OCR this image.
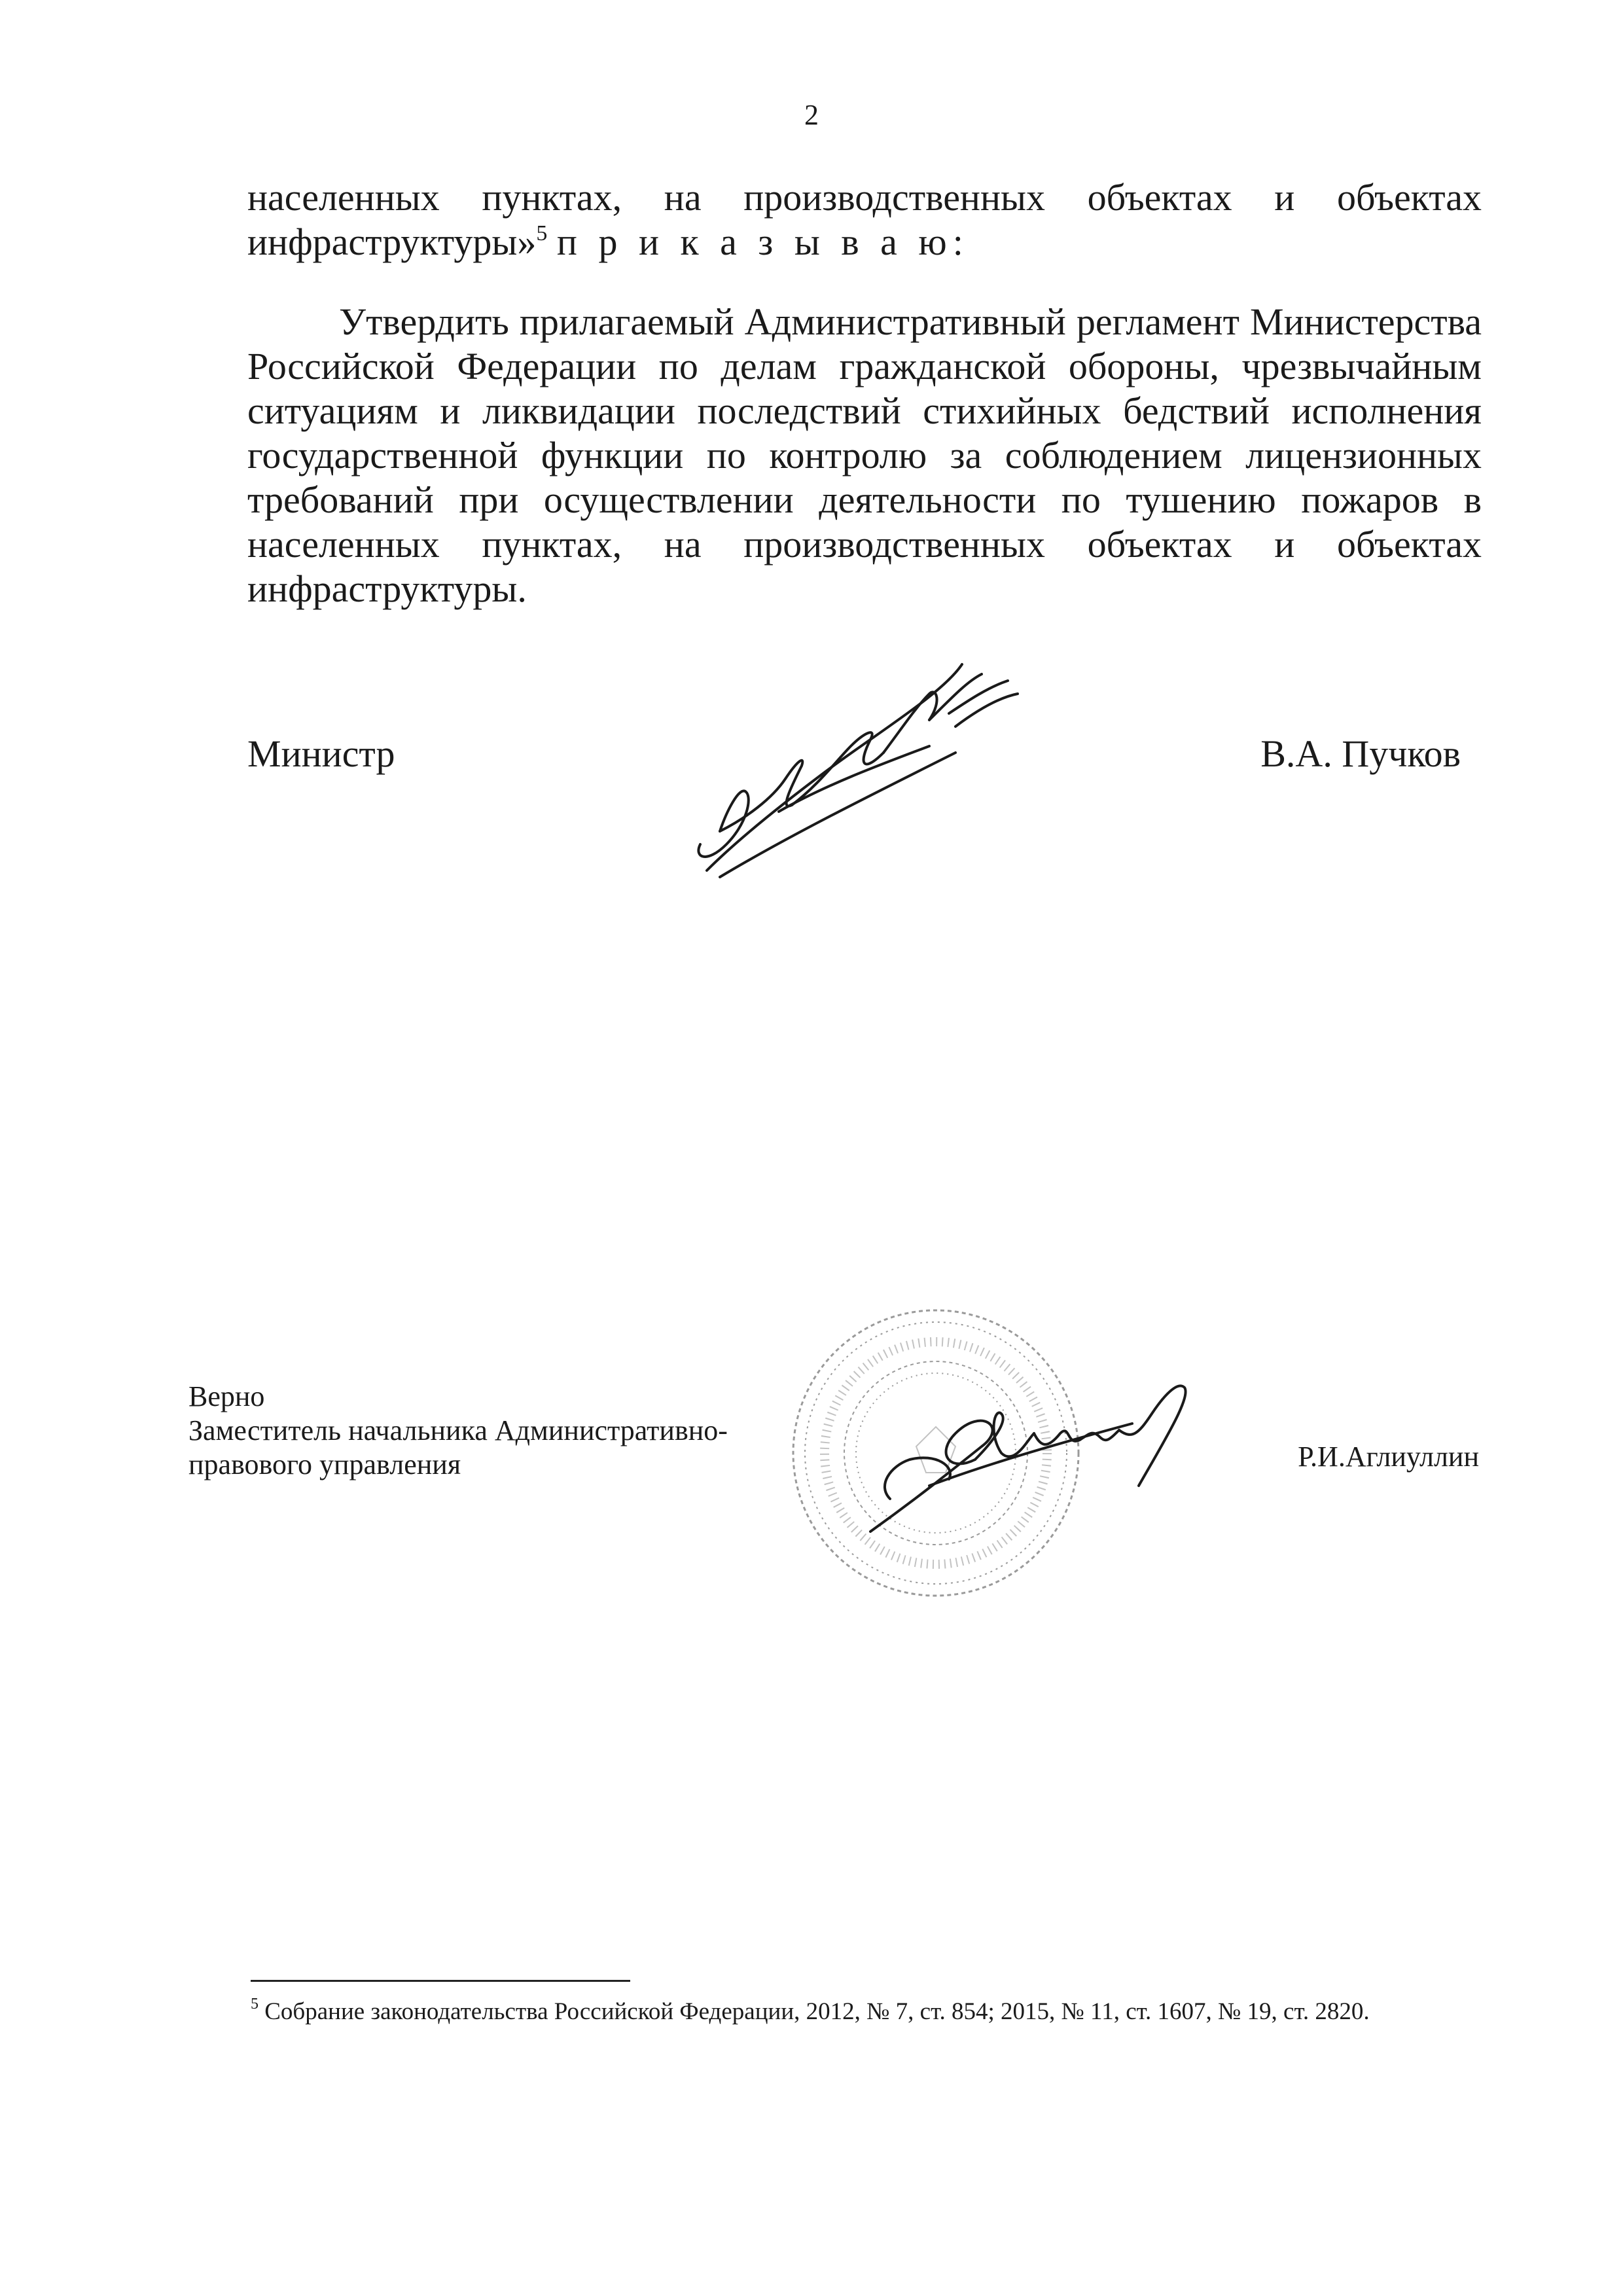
2
населенных пунктах, на производственных объектах и объектах
инфраструктуры»$^5$ п р и к а з ы в а ю:
Утвердить прилагаемый Административный регламент Министерства
Российской Федерации по делам гражданской обороны, чрезвычайным
ситуациям и ликвидации последствий стихийных бедствий исполнения
государственной функции по контролю за соблюдением лицензионных
требований при осуществлении деятельности по тушению пожаров в
населенных пунктах, на производственных объектах и объектах
инфраструктуры.
Министр	В.А. Пучков
Верно
Заместитель начальника Административно-
правового управления	Р.И.Аглиуллин
$^5$ Собрание законодательства Российской Федерации, 2012, № 7, ст. 854; 2015, № 11, ст. 1607, № 19, ст. 2820.
